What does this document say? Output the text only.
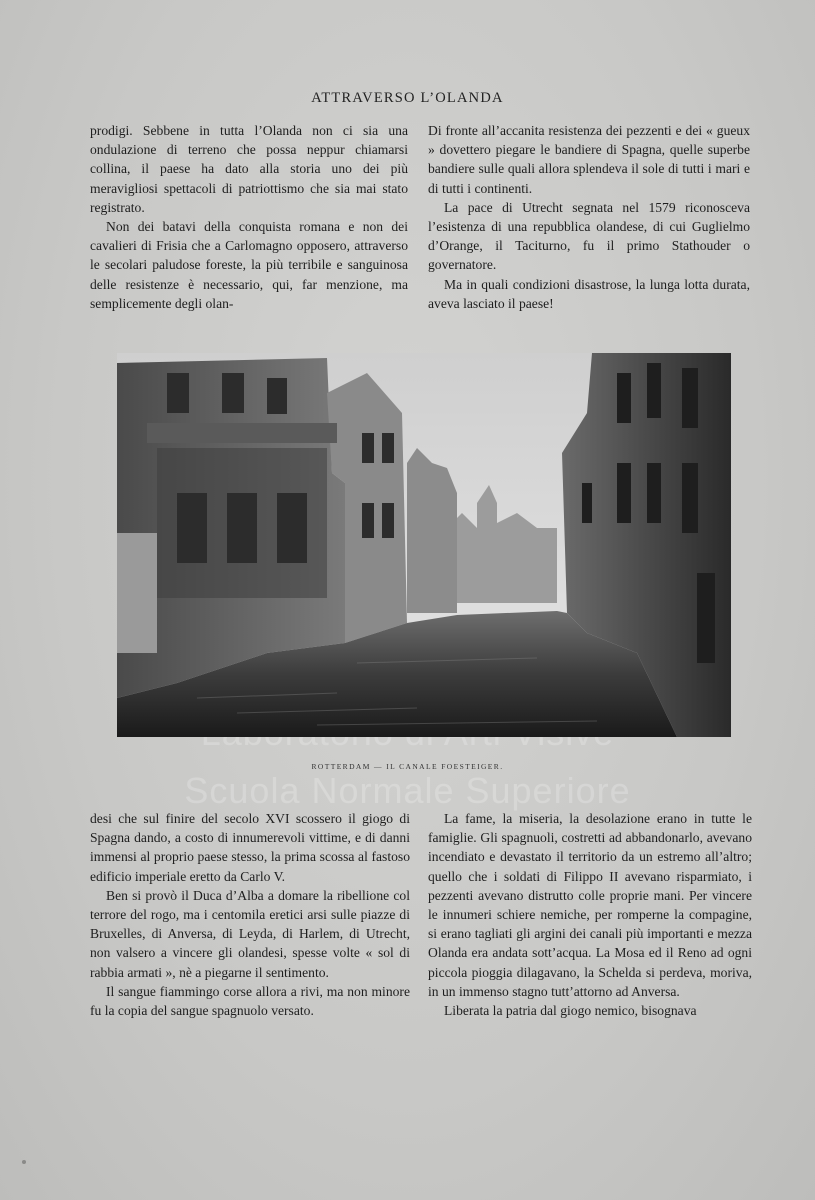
ATTRAVERSO L’OLANDA

prodigi. Sebbene in tutta l’Olanda non ci sia una ondulazione di terreno che possa neppur chiamarsi collina, il paese ha dato alla storia uno dei più meravigliosi spettacoli di patriottismo che sia mai stato registrato.

Non dei batavi della conquista romana e non dei cavalieri di Frisia che a Carlomagno opposero, attraverso le secolari paludose foreste, la più terribile e sanguinosa delle resistenze è necessario, qui, far menzione, ma semplicemente degli olan-

Di fronte all’accanita resistenza dei pezzenti e dei « gueux » dovettero piegare le bandiere di Spagna, quelle superbe bandiere sulle quali allora splendeva il sole di tutti i mari e di tutti i continenti.

La pace di Utrecht segnata nel 1579 riconosceva l’esistenza di una repubblica olandese, di cui Guglielmo d’Orange, il Taciturno, fu il primo Stathouder o governatore.

Ma in quali condizioni disastrose, la lunga lotta durata, aveva lasciato il paese!

Scuola Normale Superiore
ROTTERDAM — IL CANALE FOESTEIGER.

desi che sul finire del secolo XVI scossero il giogo di Spagna dando, a costo di innumerevoli vittime, e di danni immensi al proprio paese stesso, la prima scossa al fastoso edificio imperiale eretto da Carlo V.

Ben si provò il Duca d’Alba a domare la ribellione col terrore del rogo, ma i centomila eretici arsi sulle piazze di Bruxelles, di Anversa, di Leyda, di Harlem, di Utrecht, non valsero a vincere gli olandesi, spesse volte « sol di rabbia armati », nè a piegarne il sentimento.

Il sangue fiammingo corse allora a rivi, ma non minore fu la copia del sangue spagnuolo versato.

La fame, la miseria, la desolazione erano in tutte le famiglie. Gli spagnuoli, costretti ad abbandonarlo, avevano incendiato e devastato il territorio da un estremo all’altro; quello che i soldati di Filippo II avevano risparmiato, i pezzenti avevano distrutto colle proprie mani. Per vincere le innumeri schiere nemiche, per romperne la compagine, si erano tagliati gli argini dei canali più importanti e mezza Olanda era andata sott’acqua. La Mosa ed il Reno ad ogni piccola pioggia dilagavano, la Schelda si perdeva, moriva, in un immenso stagno tutt’attorno ad Anversa.

Liberata la patria dal giogo nemico, bisognava
